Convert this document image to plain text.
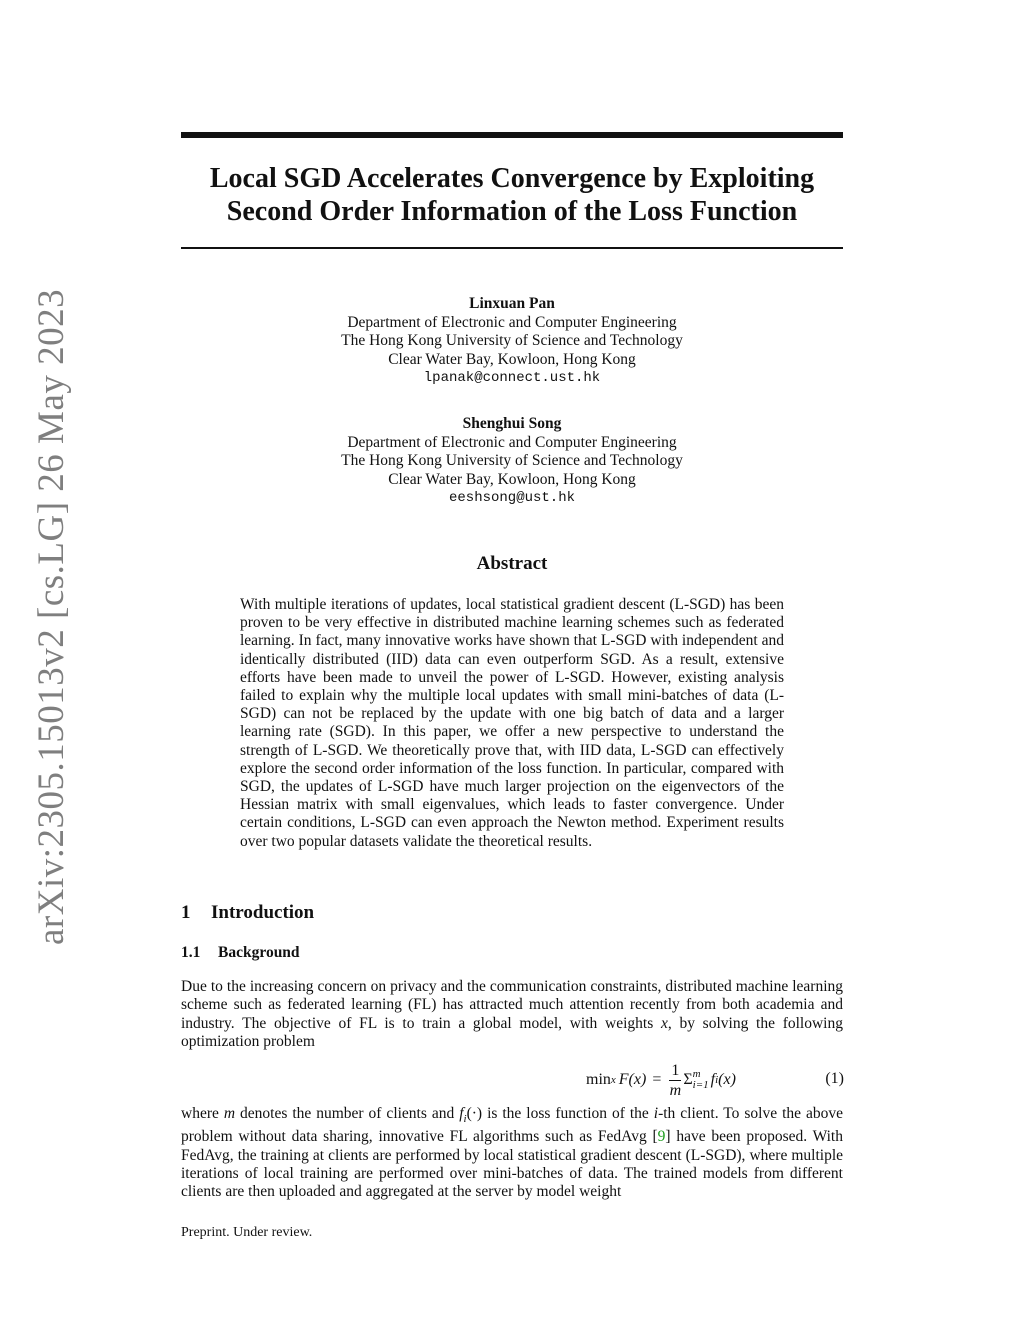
arXiv:2305.15013v2 [cs.LG] 26 May 2023
Local SGD Accelerates Convergence by Exploiting
Second Order Information of the Loss Function
Linxuan Pan
Department of Electronic and Computer Engineering
The Hong Kong University of Science and Technology
Clear Water Bay, Kowloon, Hong Kong
lpanak@connect.ust.hk
Shenghui Song
Department of Electronic and Computer Engineering
The Hong Kong University of Science and Technology
Clear Water Bay, Kowloon, Hong Kong
eeshsong@ust.hk
Abstract

With multiple iterations of updates, local statistical gradient descent (L-SGD) has been proven to be very effective in distributed machine learning schemes such as federated learning. In fact, many innovative works have shown that L-SGD with independent and identically distributed (IID) data can even outperform SGD. As a result, extensive efforts have been made to unveil the power of L-SGD. However, existing analysis failed to explain why the multiple local updates with small mini-batches of data (L-SGD) can not be replaced by the update with one big batch of data and a larger learning rate (SGD). In this paper, we offer a new perspective to understand the strength of L-SGD. We theoretically prove that, with IID data, L-SGD can effectively explore the second order information of the loss function. In particular, compared with SGD, the updates of L-SGD have much larger projection on the eigenvectors of the Hessian matrix with small eigenvalues, which leads to faster convergence. Under certain conditions, L-SGD can even approach the Newton method. Experiment results over two popular datasets validate the theoretical results.

1 Introduction
1.1 Background

Due to the increasing concern on privacy and the communication constraints, distributed machine learning scheme such as federated learning (FL) has attracted much attention recently from both academia and industry. The objective of FL is to train a global model, with weights x, by solving the following optimization problem

min x $F(x) = \frac{1}{m}$ Σ m
i=1 f i (x)	(1)

where m denotes the number of clients and $f_i(\cdot)$ is the loss function of the i-th client. To solve the above problem without data sharing, innovative FL algorithms such as FedAvg [9] have been proposed. With FedAvg, the training at clients are performed by local statistical gradient descent (L-SGD), where multiple iterations of local training are performed over mini-batches of data. The trained models from different clients are then uploaded and aggregated at the server by model weight

Preprint. Under review.
